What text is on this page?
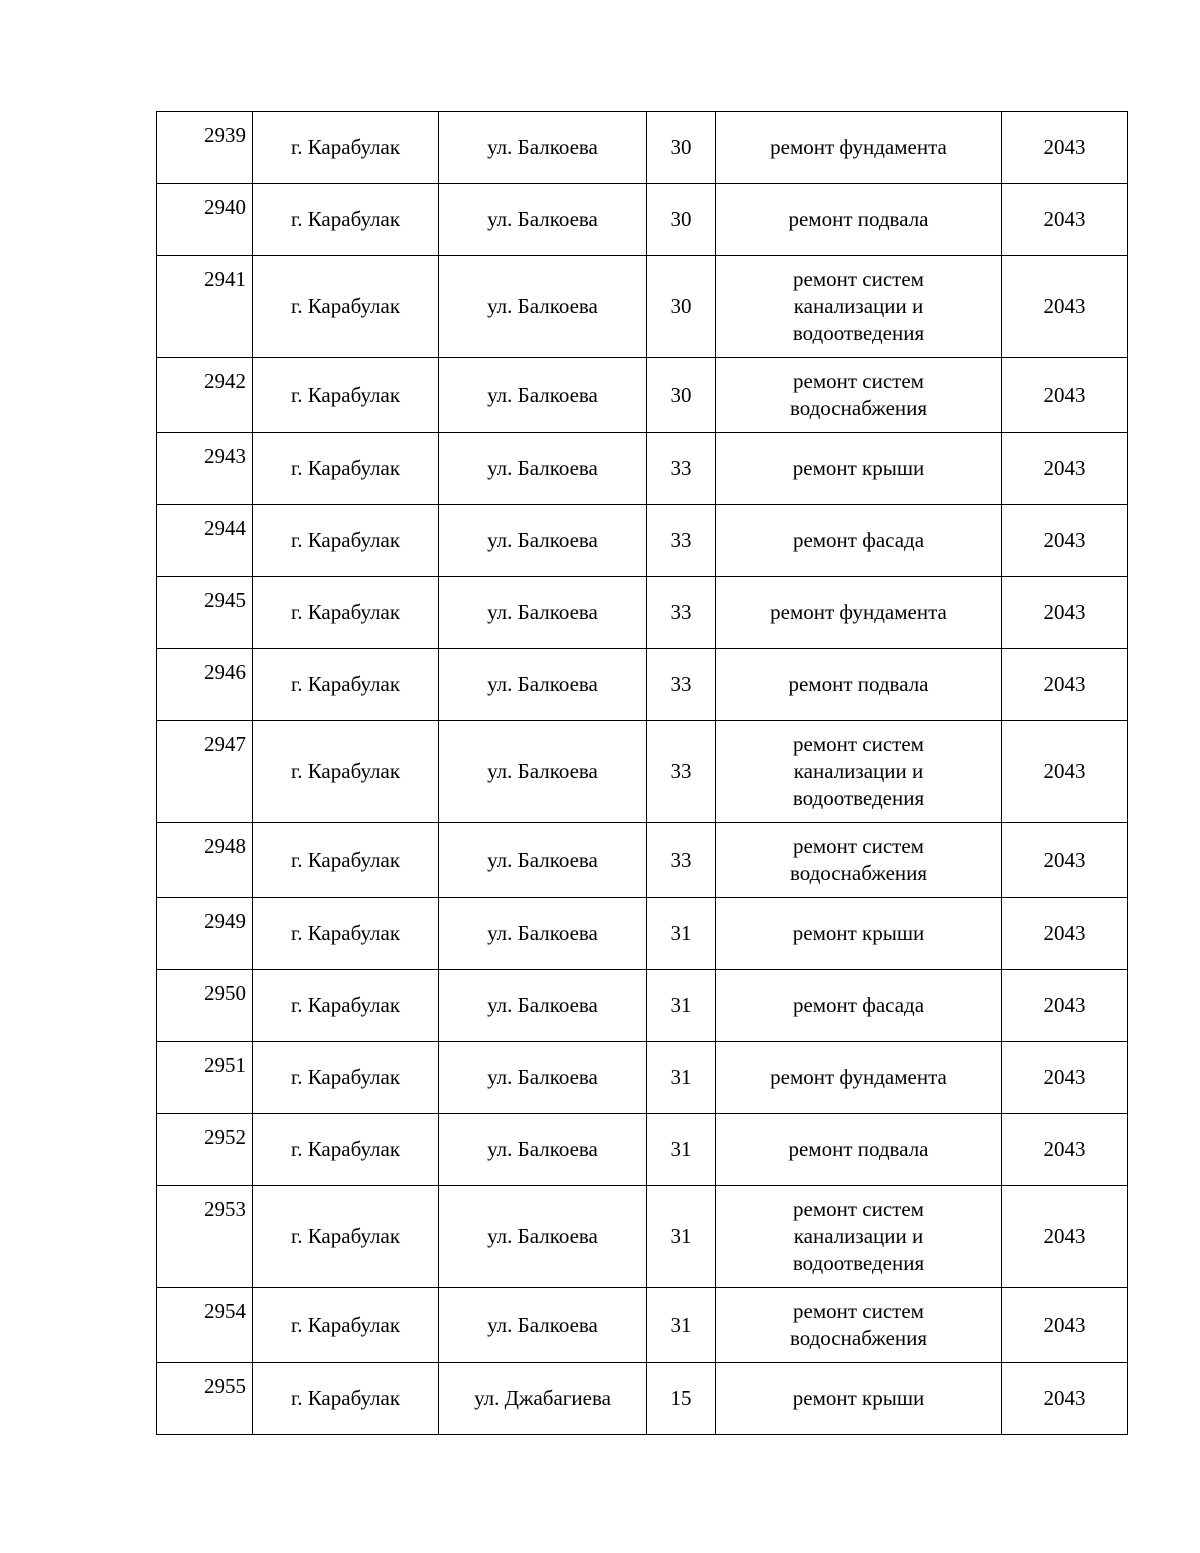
2939	г. Карабулак	ул. Балкоева	30	ремонт фундамента	2043
2940	г. Карабулак	ул. Балкоева	30	ремонт подвала	2043
2941	г. Карабулак	ул. Балкоева	30	ремонт систем канализации и водоотведения	2043
2942	г. Карабулак	ул. Балкоева	30	ремонт систем водоснабжения	2043
2943	г. Карабулак	ул. Балкоева	33	ремонт крыши	2043
2944	г. Карабулак	ул. Балкоева	33	ремонт фасада	2043
2945	г. Карабулак	ул. Балкоева	33	ремонт фундамента	2043
2946	г. Карабулак	ул. Балкоева	33	ремонт подвала	2043
2947	г. Карабулак	ул. Балкоева	33	ремонт систем канализации и водоотведения	2043
2948	г. Карабулак	ул. Балкоева	33	ремонт систем водоснабжения	2043
2949	г. Карабулак	ул. Балкоева	31	ремонт крыши	2043
2950	г. Карабулак	ул. Балкоева	31	ремонт фасада	2043
2951	г. Карабулак	ул. Балкоева	31	ремонт фундамента	2043
2952	г. Карабулак	ул. Балкоева	31	ремонт подвала	2043
2953	г. Карабулак	ул. Балкоева	31	ремонт систем канализации и водоотведения	2043
2954	г. Карабулак	ул. Балкоева	31	ремонт систем водоснабжения	2043
2955	г. Карабулак	ул. Джабагиева	15	ремонт крыши	2043
